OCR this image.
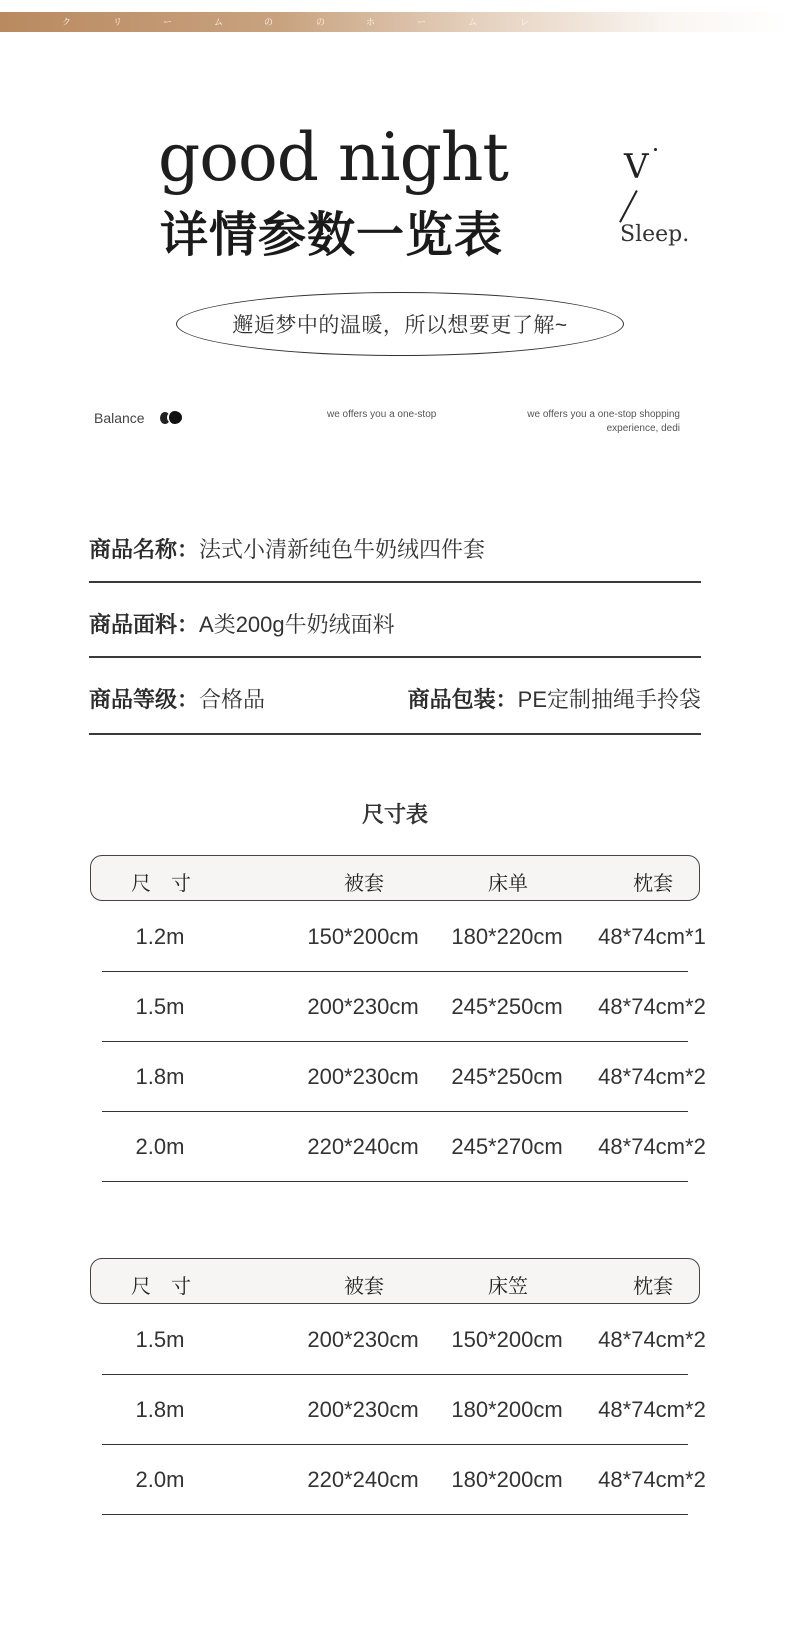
ク	リ	ー	ム	の	の	ホ	ー	ム	レ
good night
详情参数一览表
V
Sleep.
邂逅梦中的温暖，所以想要更了解~
Balance	we offers you a one-stop	we offers you a one-stop shopping experience, dedi
商品名称： 法式小清新纯色牛奶绒四件套
商品面料： A类200g牛奶绒面料
商品等级： 合格品	商品包装： PE定制抽绳手拎袋
尺寸表
尺　寸	被套	床单	枕套
1.2m	150*200cm	180*220cm	48*74cm*1
1.5m	200*230cm	245*250cm	48*74cm*2
1.8m	200*230cm	245*250cm	48*74cm*2
2.0m	220*240cm	245*270cm	48*74cm*2
尺　寸	被套	床笠	枕套
1.5m	200*230cm	150*200cm	48*74cm*2
1.8m	200*230cm	180*200cm	48*74cm*2
2.0m	220*240cm	180*200cm	48*74cm*2
